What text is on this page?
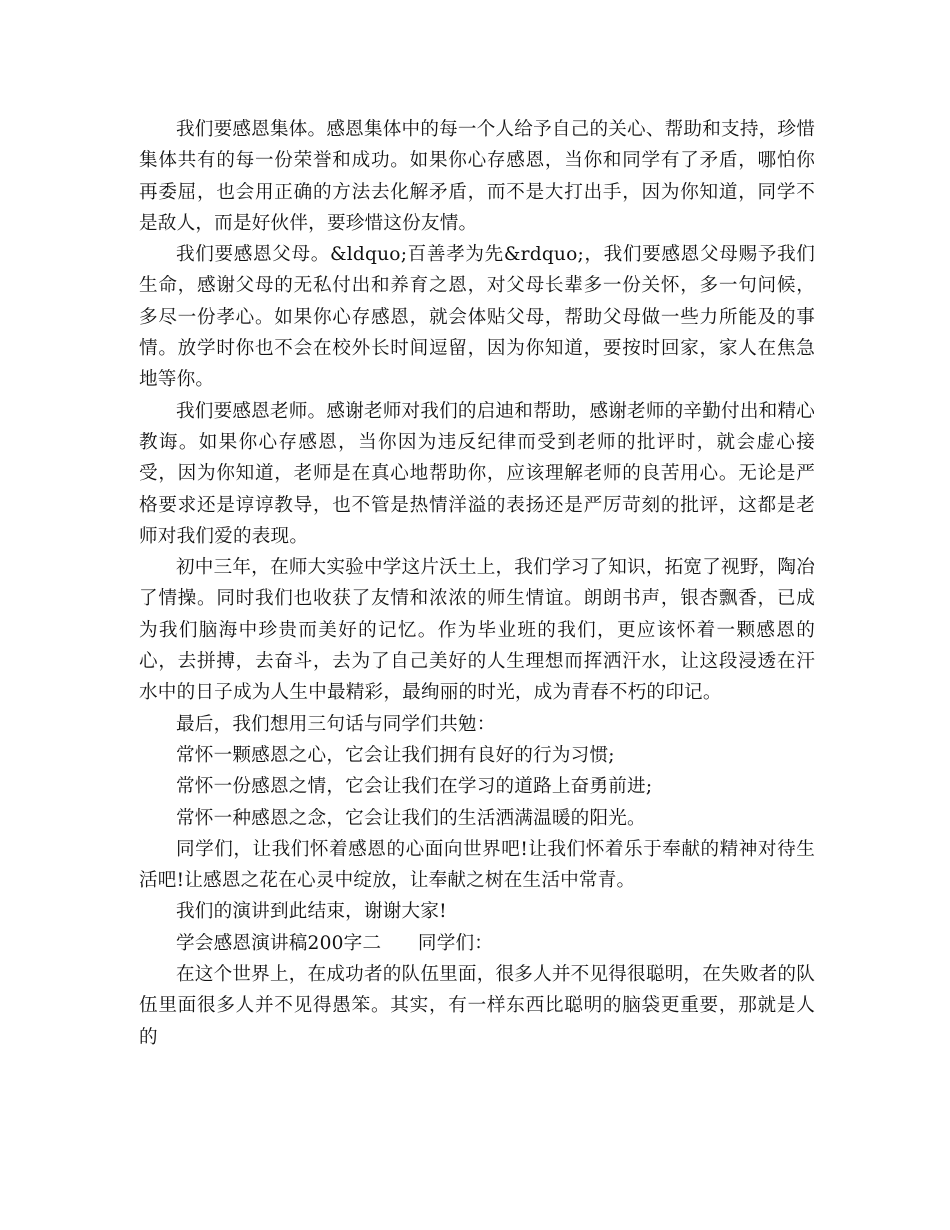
我们要感恩集体。感恩集体中的每一个人给予自己的关心、帮助和支持，珍惜集体共有的每一份荣誉和成功。如果你心存感恩，当你和同学有了矛盾，哪怕你再委屈，也会用正确的方法去化解矛盾，而不是大打出手，因为你知道，同学不是敌人，而是好伙伴，要珍惜这份友情。

我们要感恩父母。&ldquo;百善孝为先&rdquo;，我们要感恩父母赐予我们生命，感谢父母的无私付出和养育之恩，对父母长辈多一份关怀，多一句问候，多尽一份孝心。如果你心存感恩，就会体贴父母，帮助父母做一些力所能及的事情。放学时你也不会在校外长时间逗留，因为你知道，要按时回家，家人在焦急地等你。

我们要感恩老师。感谢老师对我们的启迪和帮助，感谢老师的辛勤付出和精心教诲。如果你心存感恩，当你因为违反纪律而受到老师的批评时，就会虚心接受，因为你知道，老师是在真心地帮助你，应该理解老师的良苦用心。无论是严格要求还是谆谆教导，也不管是热情洋溢的表扬还是严厉苛刻的批评，这都是老师对我们爱的表现。

初中三年，在师大实验中学这片沃土上，我们学习了知识，拓宽了视野，陶冶了情操。同时我们也收获了友情和浓浓的师生情谊。朗朗书声，银杏飘香，已成为我们脑海中珍贵而美好的记忆。作为毕业班的我们，更应该怀着一颗感恩的心，去拼搏，去奋斗，去为了自己美好的人生理想而挥洒汗水，让这段浸透在汗水中的日子成为人生中最精彩，最绚丽的时光，成为青春不朽的印记。

最后，我们想用三句话与同学们共勉：

常怀一颗感恩之心，它会让我们拥有良好的行为习惯;

常怀一份感恩之情，它会让我们在学习的道路上奋勇前进;

常怀一种感恩之念，它会让我们的生活洒满温暖的阳光。

同学们，让我们怀着感恩的心面向世界吧!让我们怀着乐于奉献的精神对待生活吧!让感恩之花在心灵中绽放，让奉献之树在生活中常青。

我们的演讲到此结束，谢谢大家!

学会感恩演讲稿200字二 同学们：

在这个世界上，在成功者的队伍里面，很多人并不见得很聪明，在失败者的队伍里面很多人并不见得愚笨。其实，有一样东西比聪明的脑袋更重要，那就是人的
